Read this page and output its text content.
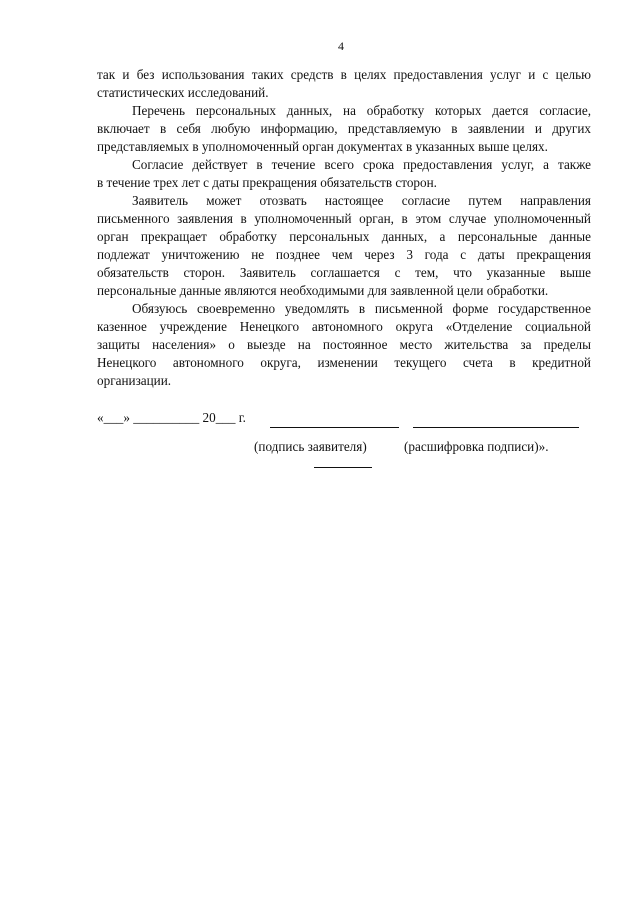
4
так и без использования таких средств в целях предоставления услуг и с целью
статистических исследований.
Перечень персональных данных, на обработку которых дается согласие,
включает в себя любую информацию, представляемую в заявлении и других
представляемых в уполномоченный орган документах в указанных выше целях.
Согласие действует в течение всего срока предоставления услуг, а также
в течение трех лет с даты прекращения обязательств сторон.
Заявитель может отозвать настоящее согласие путем направления
письменного заявления в уполномоченный орган, в этом случае уполномоченный
орган прекращает обработку персональных данных, а персональные данные
подлежат уничтожению не позднее чем через 3 года с даты прекращения
обязательств сторон. Заявитель соглашается с тем, что указанные выше
персональные данные являются необходимыми для заявленной цели обработки.
Обязуюсь своевременно уведомлять в письменной форме государственное
казенное учреждение Ненецкого автономного округа «Отделение социальной
защиты населения» о выезде на постоянное место жительства за пределы
Ненецкого автономного округа, изменении текущего счета в кредитной
организации.
«___» __________ 20___ г.
(подпись заявителя)	(расшифровка подписи)».
